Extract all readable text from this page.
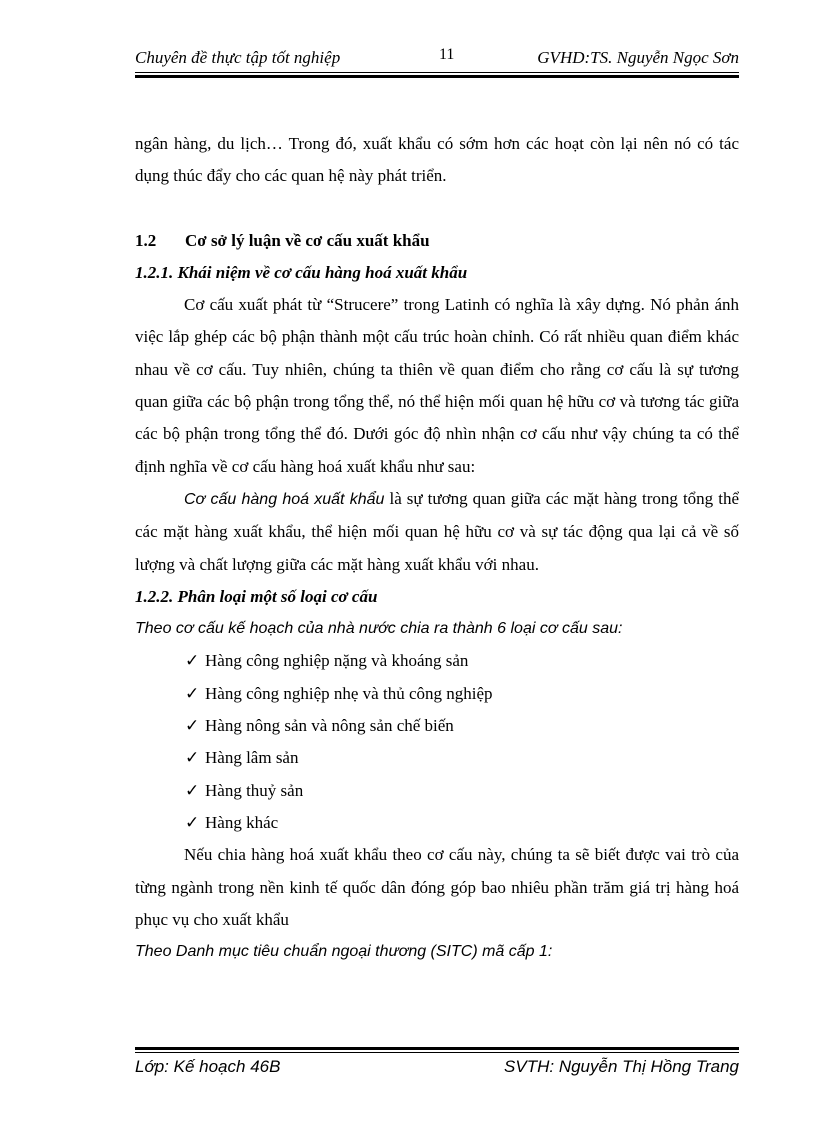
Chuyên đề thực tập tốt nghiệp	11	GVHD:TS. Nguyễn Ngọc Sơn

ngân hàng, du lịch… Trong đó, xuất khẩu có sớm hơn các hoạt còn lại nên nó có tác dụng thúc đẩy cho các quan hệ này phát triển.

1.2 Cơ sở lý luận về cơ cấu xuất khẩu

1.2.1. Khái niệm về cơ cấu hàng hoá xuất khẩu

Cơ cấu xuất phát từ “Strucere” trong Latinh có nghĩa là xây dựng. Nó phản ánh việc lắp ghép các bộ phận thành một cấu trúc hoàn chỉnh. Có rất nhiều quan điểm khác nhau về cơ cấu. Tuy nhiên, chúng ta thiên về quan điểm cho rằng cơ cấu là sự tương quan giữa các bộ phận trong tổng thể, nó thể hiện mối quan hệ hữu cơ và tương tác giữa các bộ phận trong tổng thể đó. Dưới góc độ nhìn nhận cơ cấu như vậy chúng ta có thể định nghĩa về cơ cấu hàng hoá xuất khẩu như sau:

Cơ cấu hàng hoá xuất khẩu là sự tương quan giữa các mặt hàng trong tổng thể các mặt hàng xuất khẩu, thể hiện mối quan hệ hữu cơ và sự tác động qua lại cả về số lượng và chất lượng giữa các mặt hàng xuất khẩu với nhau.

1.2.2. Phân loại một số loại cơ cấu

Theo cơ cấu kế hoạch của nhà nước chia ra thành 6 loại cơ cấu sau:

✓ Hàng công nghiệp nặng và khoáng sản
✓ Hàng công nghiệp nhẹ và thủ công nghiệp
✓ Hàng nông sản và nông sản chế biến
✓ Hàng lâm sản
✓ Hàng thuỷ sản
✓ Hàng khác

Nếu chia hàng hoá xuất khẩu theo cơ cấu này, chúng ta sẽ biết được vai trò của từng ngành trong nền kinh tế quốc dân đóng góp bao nhiêu phần trăm giá trị hàng hoá phục vụ cho xuất khẩu

Theo Danh mục tiêu chuẩn ngoại thương (SITC) mã cấp 1:

Lớp: Kế hoạch 46B	SVTH: Nguyễn Thị Hồng Trang
